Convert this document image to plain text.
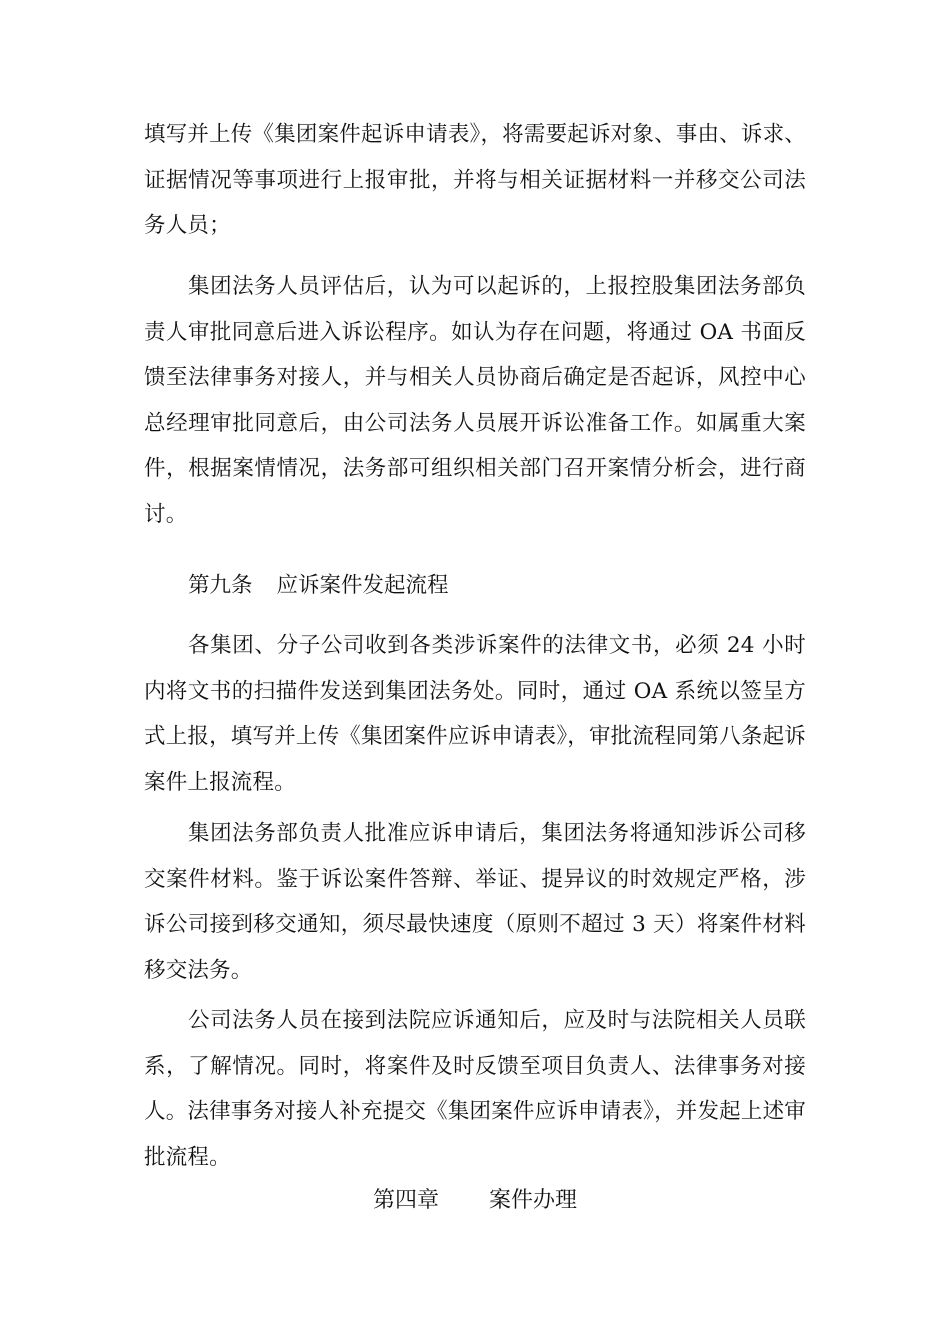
填写并上传《集团案件起诉申请表》，将需要起诉对象、事由、诉求、证据情况等事项进行上报审批，并将与相关证据材料一并移交公司法务人员；

集团法务人员评估后，认为可以起诉的，上报控股集团法务部负责人审批同意后进入诉讼程序。如认为存在问题，将通过 OA 书面反馈至法律事务对接人，并与相关人员协商后确定是否起诉，风控中心总经理审批同意后，由公司法务人员展开诉讼准备工作。如属重大案件，根据案情情况，法务部可组织相关部门召开案情分析会，进行商讨。

第九条 应诉案件发起流程

各集团、分子公司收到各类涉诉案件的法律文书，必须 24 小时内将文书的扫描件发送到集团法务处。同时，通过 OA 系统以签呈方式上报，填写并上传《集团案件应诉申请表》，审批流程同第八条起诉案件上报流程。

集团法务部负责人批准应诉申请后，集团法务将通知涉诉公司移交案件材料。鉴于诉讼案件答辩、举证、提异议的时效规定严格，涉诉公司接到移交通知，须尽最快速度（原则不超过 3 天）将案件材料移交法务。

公司法务人员在接到法院应诉通知后，应及时与法院相关人员联系，了解情况。同时，将案件及时反馈至项目负责人、法律事务对接人。法律事务对接人补充提交《集团案件应诉申请表》，并发起上述审批流程。

第四章 案件办理
